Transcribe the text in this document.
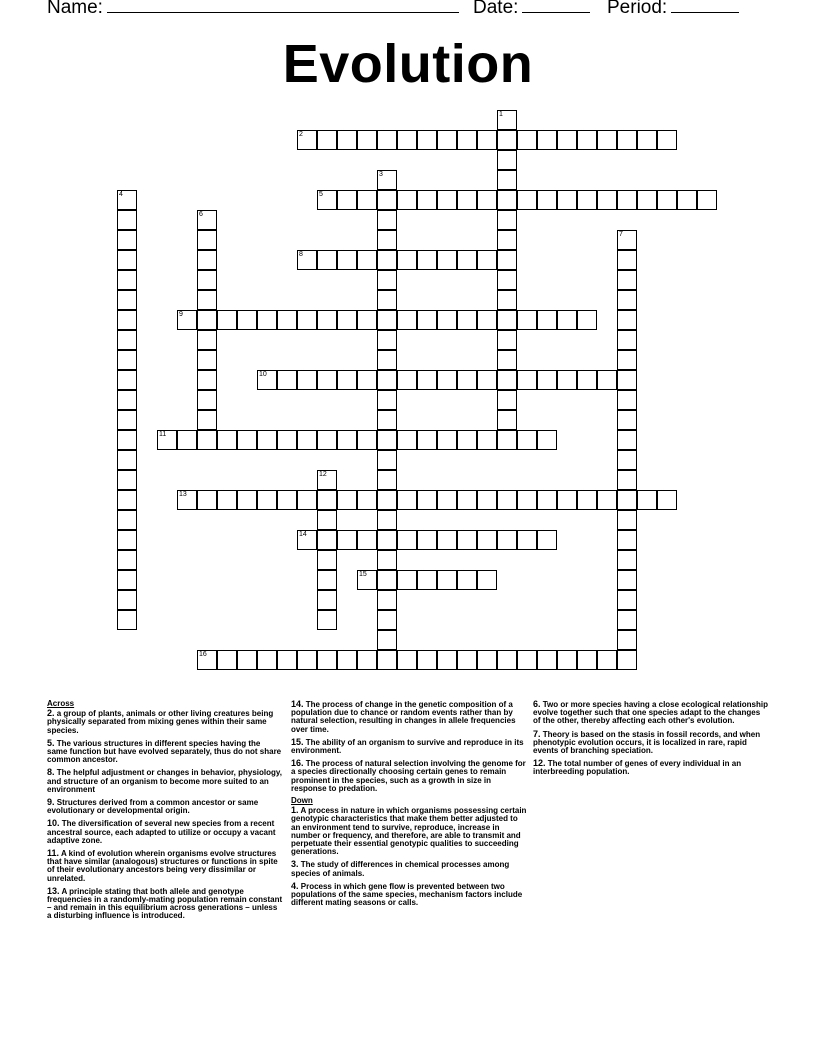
Name:	Date:	Period:
Evolution
1
2
3
4	5
6
7
8
9
10
11
12
13
14
15
16
Across
2. a group of plants, animals or other living creatures being physically separated from mixing genes within their same species.
5. The various structures in different species having the same function but have evolved separately, thus do not share common ancestor.
8. The helpful adjustment or changes in behavior, physiology, and structure of an organism to become more suited to an environment
9. Structures derived from a common ancestor or same evolutionary or developmental origin.
10. The diversification of several new species from a recent ancestral source, each adapted to utilize or occupy a vacant adaptive zone.
11. A kind of evolution wherein organisms evolve structures that have similar (analogous) structures or functions in spite of their evolutionary ancestors being very dissimilar or unrelated.
13. A principle stating that both allele and genotype frequencies in a randomly-mating population remain constant – and remain in this equilibrium across generations – unless a disturbing influence is introduced.
14. The process of change in the genetic composition of a population due to chance or random events rather than by natural selection, resulting in changes in allele frequencies over time.
15. The ability of an organism to survive and reproduce in its environment.
16. The process of natural selection involving the genome for a species directionally choosing certain genes to remain prominent in the species, such as a growth in size in response to predation.
Down
1. A process in nature in which organisms possessing certain genotypic characteristics that make them better adjusted to an environment tend to survive, reproduce, increase in number or frequency, and therefore, are able to transmit and perpetuate their essential genotypic qualities to succeeding generations.
3. The study of differences in chemical processes among species of animals.
4. Process in which gene flow is prevented between two populations of the same species, mechanism factors include different mating seasons or calls.
6. Two or more species having a close ecological relationship evolve together such that one species adapt to the changes of the other, thereby affecting each other's evolution.
7. Theory is based on the stasis in fossil records, and when phenotypic evolution occurs, it is localized in rare, rapid events of branching speciation.
12. The total number of genes of every individual in an interbreeding population.
